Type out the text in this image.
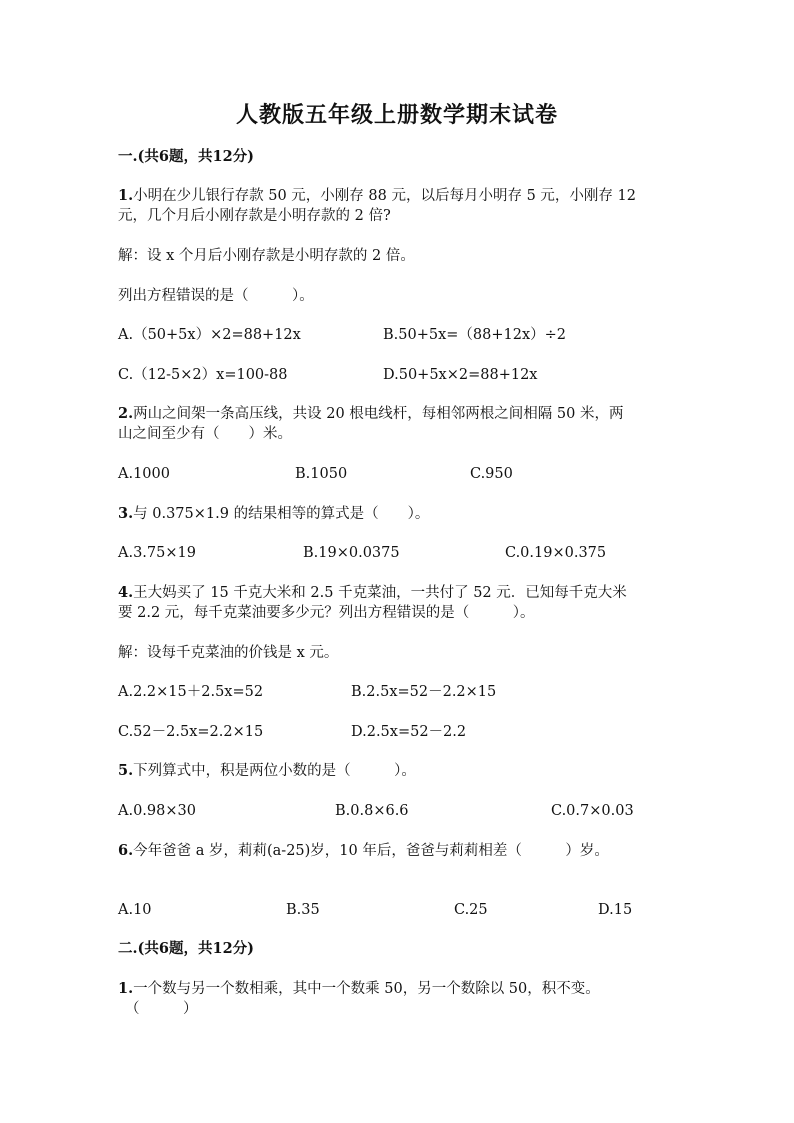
人教版五年级上册数学期末试卷
一.(共6题，共12分)
1.小明在少儿银行存款 50 元，小刚存 88 元，以后每月小明存 5 元，小刚存 12
元，几个月后小刚存款是小明存款的 2 倍?
解：设 x 个月后小刚存款是小明存款的 2 倍。
列出方程错误的是（　　　）。
A.（50+5x）×2=88+12x	B.50+5x=（88+12x）÷2
C.（12-5×2）x=100-88	D.50+5x×2=88+12x
2.两山之间架一条高压线，共设 20 根电线杆，每相邻两根之间相隔 50 米，两
山之间至少有（　　）米。
A.1000	B.1050	C.950
3.与 0.375×1.9 的结果相等的算式是（　　）。
A.3.75×19	B.19×0.0375	C.0.19×0.375
4.王大妈买了 15 千克大米和 2.5 千克菜油，一共付了 52 元．已知每千克大米
要 2.2 元，每千克菜油要多少元？列出方程错误的是（　　　）。
解：设每千克菜油的价钱是 x 元。
A.2.2×15＋2.5x=52	B.2.5x=52－2.2×15
C.52－2.5x=2.2×15	D.2.5x=52－2.2
5.下列算式中，积是两位小数的是（　　　）。
A.0.98×30	B.0.8×6.6	C.0.7×0.03
6.今年爸爸 a 岁，莉莉(a-25)岁，10 年后，爸爸与莉莉相差（　　　）岁。
A.10	B.35	C.25	D.15
二.(共6题，共12分)
1.一个数与另一个数相乘，其中一个数乘 50，另一个数除以 50，积不变。
（　　　）
